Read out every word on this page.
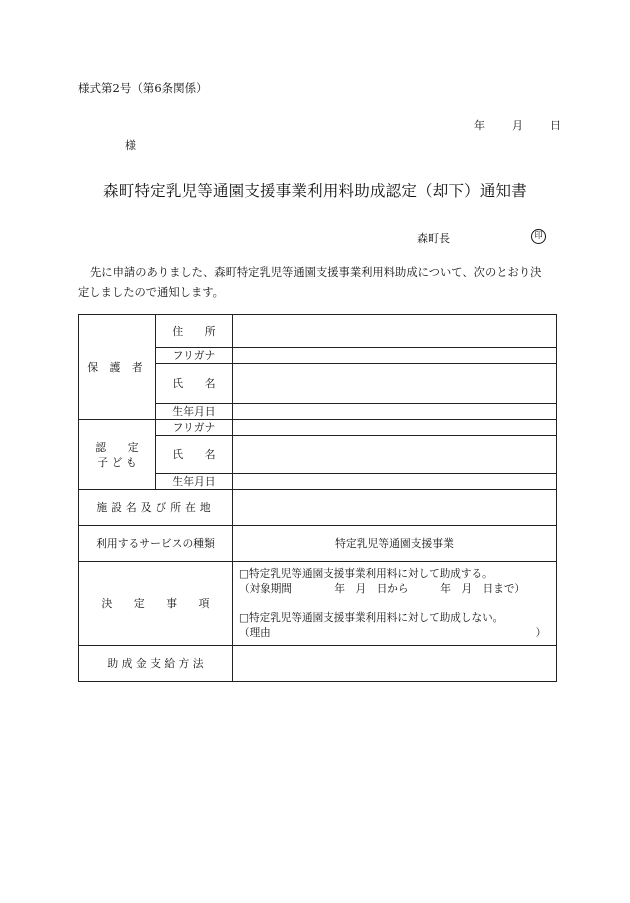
様式第2号（第6条関係）
年 月 日
様
森町特定乳児等通園支援事業利用料助成認定（却下）通知書
森町長	印
先に申請のありました、森町特定乳児等通園支援事業利用料助成について、次のとおり決定しましたので通知します。
保 護 者	住　　所	
	フリガナ	
	氏　　名	
	生年月日	

認　　定
子 ど も	フリガナ	
	氏　　名	
	生年月日	
施設名及び所在地		
利用するサービスの種類		特定乳児等通園支援事業
決　　定　　事　　項		□特定乳児等通園支援事業利用料に対して助成する。
（対象期間　　　　年　月　日から　　　年　月　日まで）
□特定乳児等通園支援事業利用料に対して助成しない。
（理由　　　　　　　　　　　　　　　　　　　　　　　　　）

助 成 金 支 給 方 法		
